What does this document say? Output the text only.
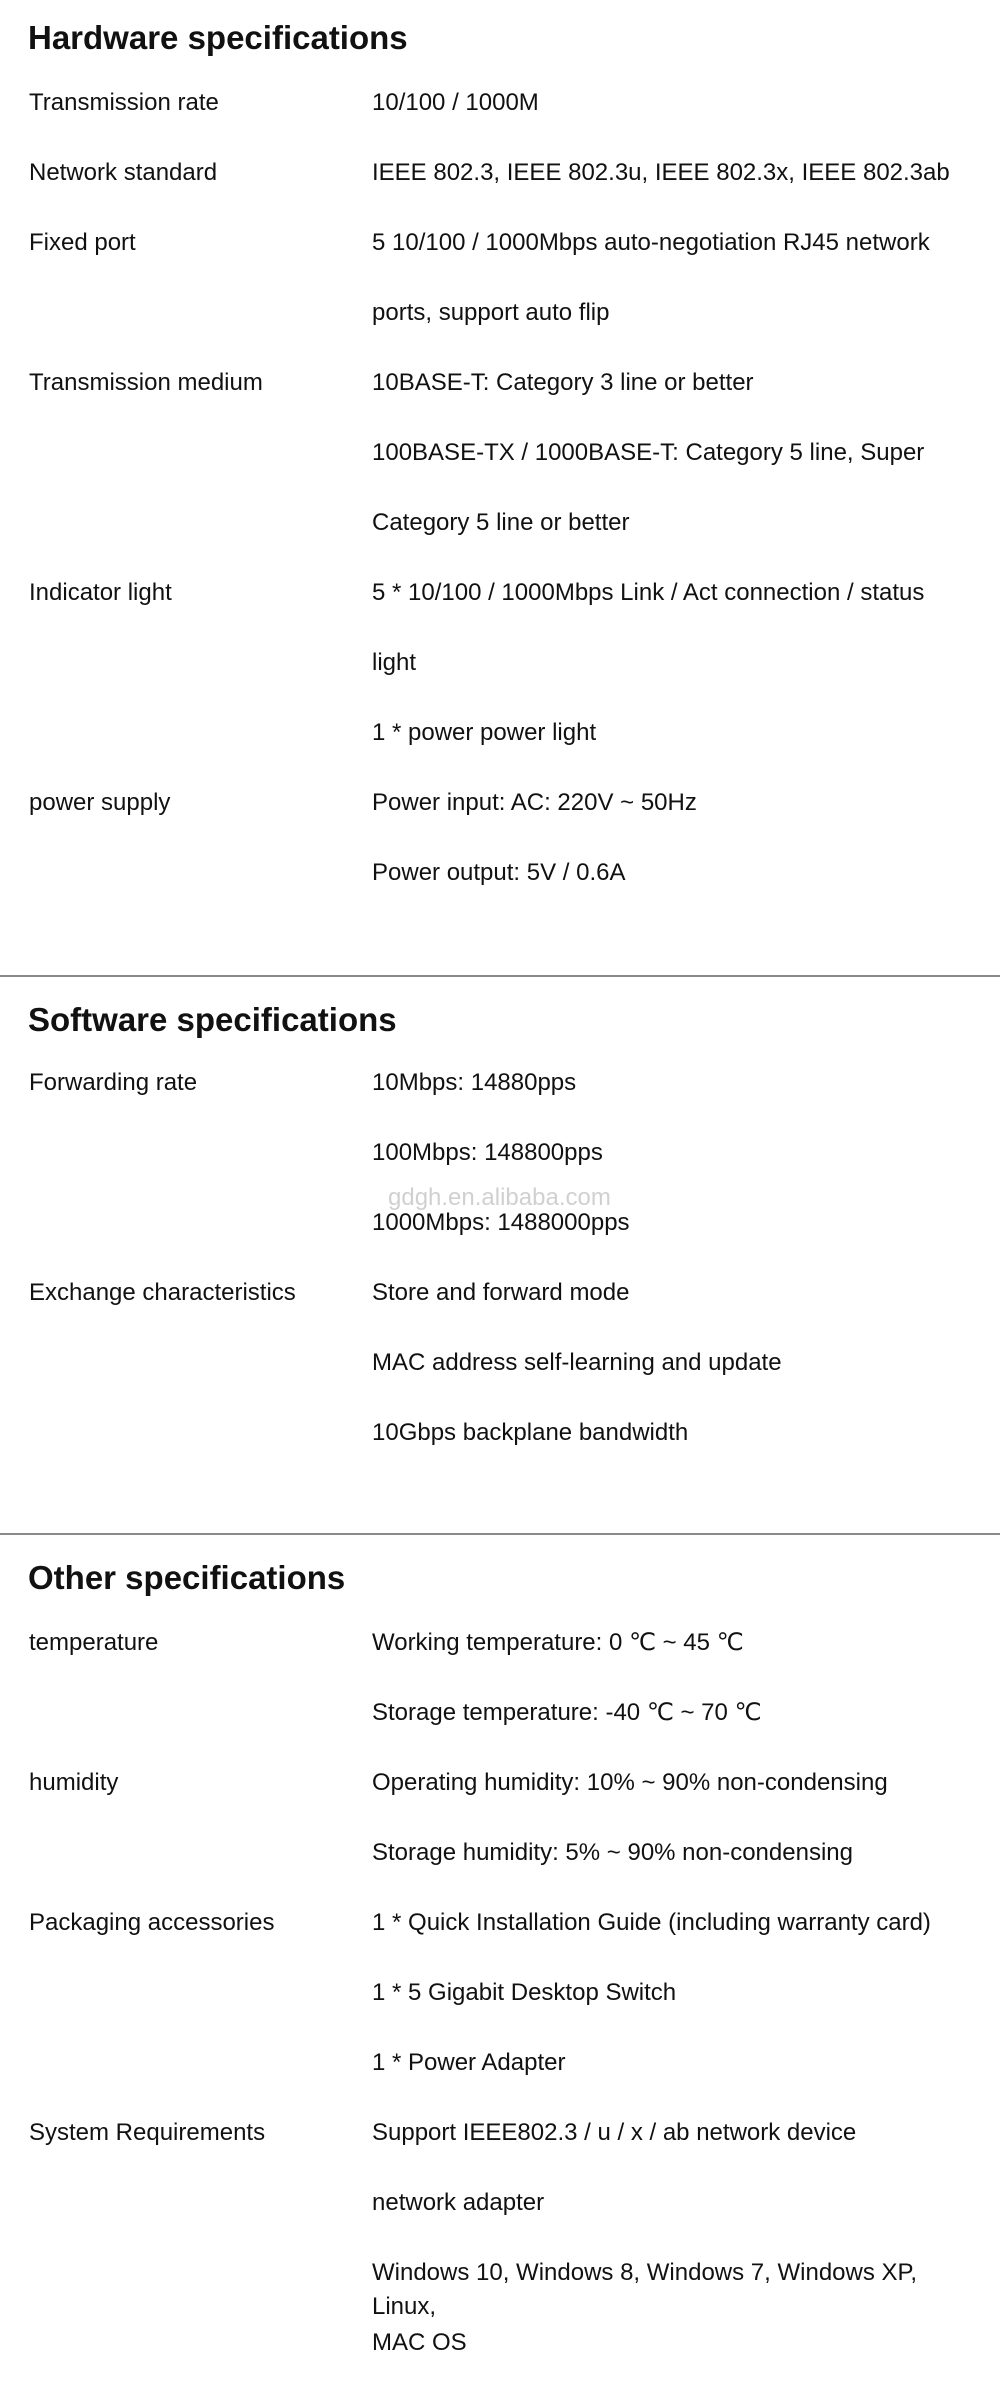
Hardware specifications
Transmission rate	10/100 / 1000M
Network standard	IEEE 802.3, IEEE 802.3u, IEEE 802.3x, IEEE 802.3ab
Fixed port	5 10/100 / 1000Mbps auto-negotiation RJ45 network
ports, support auto flip
Transmission medium	10BASE-T: Category 3 line or better
100BASE-TX / 1000BASE-T: Category 5 line, Super
Category 5 line or better
Indicator light	5 * 10/100 / 1000Mbps Link / Act connection / status
light
1 * power power light
power supply	Power input: AC: 220V ~ 50Hz
Power output: 5V / 0.6A
Software specifications
Forwarding rate	10Mbps: 14880pps
100Mbps: 148800pps
1000Mbps: 1488000pps
Exchange characteristics	Store and forward mode
MAC address self-learning and update
10Gbps backplane bandwidth
Other specifications
temperature	Working temperature: 0 ℃ ~ 45 ℃
Storage temperature: -40 ℃ ~ 70 ℃
humidity	Operating humidity: 10% ~ 90% non-condensing
Storage humidity: 5% ~ 90% non-condensing
Packaging accessories	1 * Quick Installation Guide (including warranty card)
1 * 5 Gigabit Desktop Switch
1 * Power Adapter
System Requirements	Support IEEE802.3 / u / x / ab network device
network adapter
Windows 10, Windows 8, Windows 7, Windows XP, Linux,
MAC OS
gdgh.en.alibaba.com
